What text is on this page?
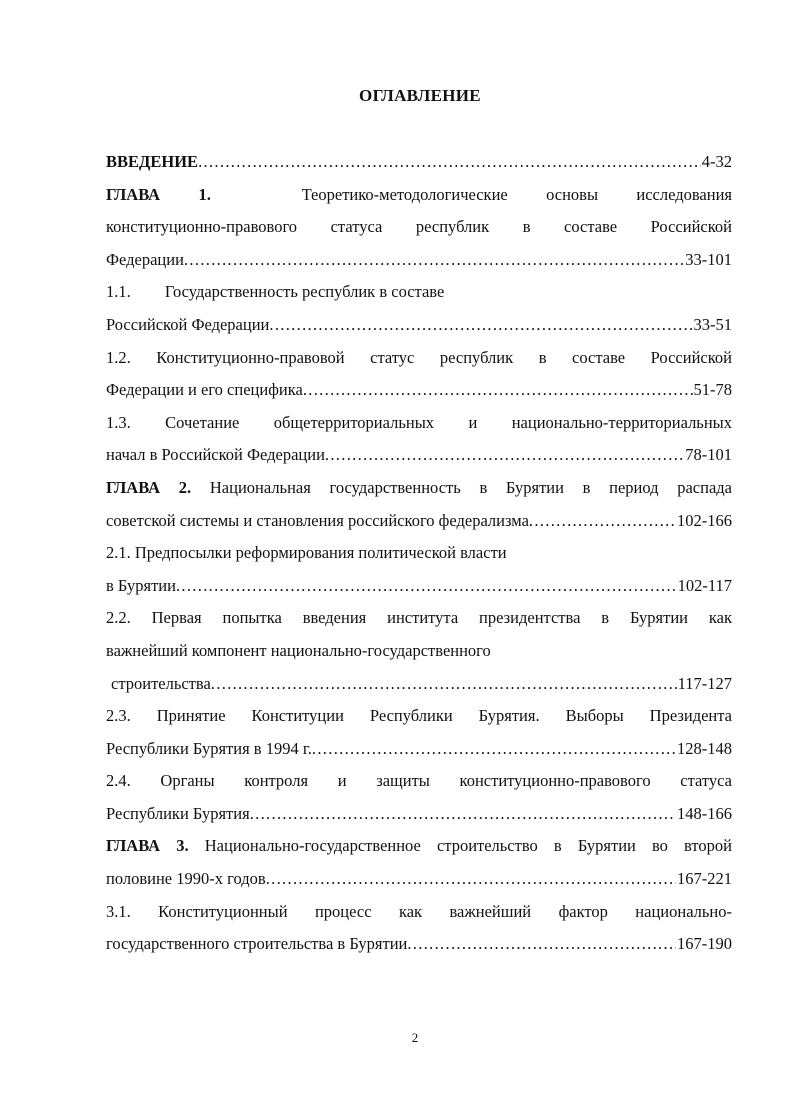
ОГЛАВЛЕНИЕ
ВВЕДЕНИЕ . . .	4-32
ГЛАВА 1.	Теоретико-методологические основы исследования
конституционно-правового статуса республик в составе Российской
Федерации . . .	33-101
1.1. Государственность республик в составе
Российской Федерации . . .	33-51
1.2. Конституционно-правовой статус республик в составе Российской
Федерации и его специфика . . .	51-78
1.3. Сочетание общетерриториальных и национально-территориальных
начал в Российской Федерации . . .	78-101
ГЛАВА 2. Национальная государственность в Бурятии в период распада
советской системы и становления российского федерализма . . .	102-166
2.1. Предпосылки реформирования политической власти
в Бурятии . . .	102-117
2.2. Первая попытка введения института президентства в Бурятии как
важнейший компонент национально-государственного
строительства . . .	117-127
2.3. Принятие Конституции Республики Бурятия. Выборы Президента
Республики Бурятия в 1994 г. . . .	128-148
2.4. Органы контроля и защиты конституционно-правового статуса
Республики Бурятия . . .	148-166
ГЛАВА 3. Национально-государственное строительство в Бурятии во второй
половине 1990-х годов . . .	167-221
3.1. Конституционный процесс как важнейший фактор национально-
государственного строительства в Бурятии . . .	167-190
2
